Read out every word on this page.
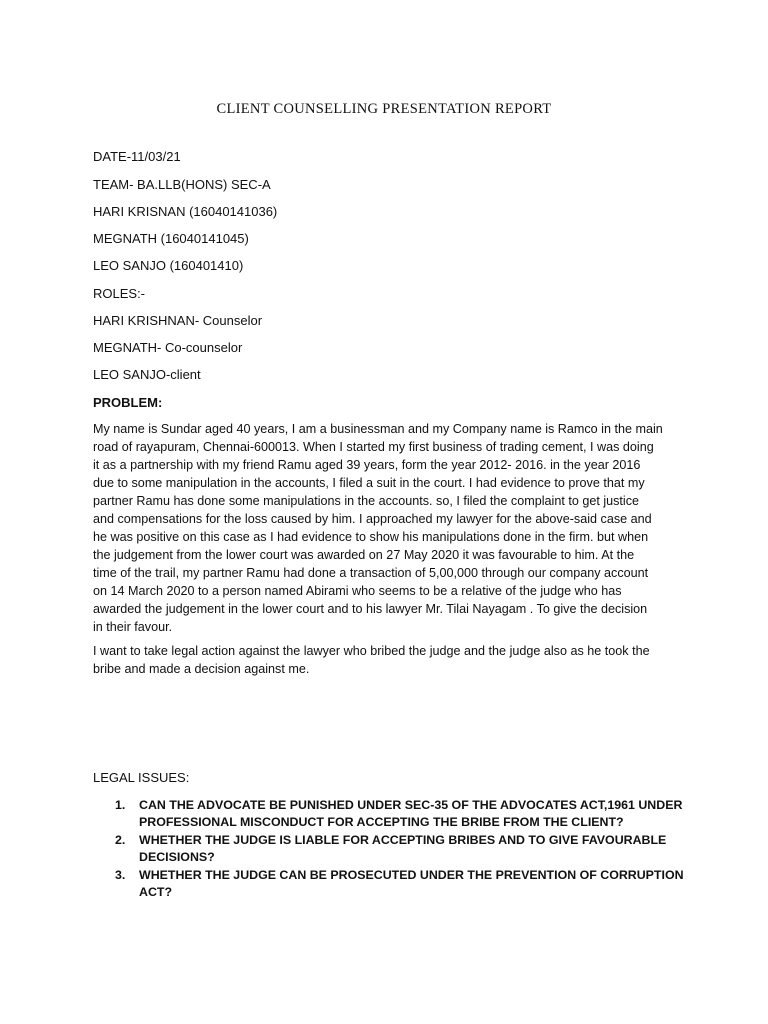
CLIENT COUNSELLING PRESENTATION REPORT
DATE-11/03/21
TEAM- BA.LLB(HONS) SEC-A
HARI KRISNAN (16040141036)
MEGNATH (16040141045)
LEO SANJO (160401410)
ROLES:-
HARI KRISHNAN- Counselor
MEGNATH- Co-counselor
LEO SANJO-client
PROBLEM:
My name is Sundar aged 40 years, I am a businessman and my Company name is Ramco in the main
road of rayapuram, Chennai-600013. When I started my first business of trading cement, I was doing
it as a partnership with my friend Ramu aged 39 years, form the year 2012- 2016. in the year 2016
due to some manipulation in the accounts, I filed a suit in the court. I had evidence to prove that my
partner Ramu has done some manipulations in the accounts. so, I filed the complaint to get justice
and compensations for the loss caused by him. I approached my lawyer for the above-said case and
he was positive on this case as I had evidence to show his manipulations done in the firm. but when
the judgement from the lower court was awarded on 27 May 2020 it was favourable to him. At the
time of the trail, my partner Ramu had done a transaction of 5,00,000 through our company account
on 14 March 2020 to a person named Abirami who seems to be a relative of the judge who has
awarded the judgement in the lower court and to his lawyer Mr. Tilai Nayagam . To give the decision
in their favour.
I want to take legal action against the lawyer who bribed the judge and the judge also as he took the
bribe and made a decision against me.
LEGAL ISSUES:
1. CAN THE ADVOCATE BE PUNISHED UNDER SEC-35 OF THE ADVOCATES ACT,1961 UNDER
PROFESSIONAL MISCONDUCT FOR ACCEPTING THE BRIBE FROM THE CLIENT?
2. WHETHER THE JUDGE IS LIABLE FOR ACCEPTING BRIBES AND TO GIVE FAVOURABLE
DECISIONS?
3. WHETHER THE JUDGE CAN BE PROSECUTED UNDER THE PREVENTION OF CORRUPTION
ACT?
